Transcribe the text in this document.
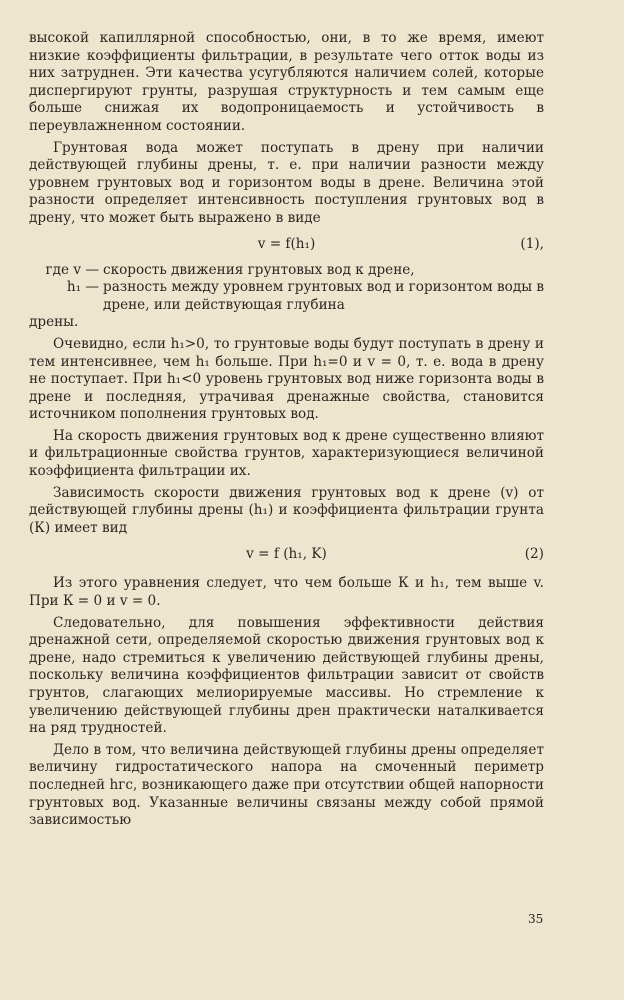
высокой капиллярной способностью, они, в то же время, имеют низкие коэффициенты фильтрации, в результате чего отток воды из них затруднен. Эти качества усугубляются наличием солей, которые диспергируют грунты, разрушая структурность и тем самым еще больше снижая их водопроницаемость и устойчивость в переувлажненном состоянии.

Грунтовая вода может поступать в дрену при наличии действующей глубины дрены, т. е. при наличии разности между уровнем грунтовых вод и горизонтом воды в дрене. Величина этой разности определяет интенсивность поступления грунтовых вод в дрену, что может быть выражено в виде

v = f(h₁)	(1),
где v — скорость движения грунтовых вод к дрене,
h₁ — разность между уровнем грунтовых вод и горизонтом воды в дрене, или действующая глубина

дрены.

Очевидно, если h₁>0, то грунтовые воды будут поступать в дрену и тем интенсивнее, чем h₁ больше. При h₁=0 и v = 0, т. е. вода в дрену не поступает. При h₁<0 уровень грунтовых вод ниже горизонта воды в дрене и последняя, утрачивая дренажные свойства, становится источником пополнения грунтовых вод.

На скорость движения грунтовых вод к дрене существенно влияют и фильтрационные свойства грунтов, характеризующиеся величиной коэффициента фильтрации их.

Зависимость скорости движения грунтовых вод к дрене (v) от действующей глубины дрены (h₁) и коэффициента фильтрации грунта (К) имеет вид

v = f (h₁, K)	(2)

Из этого уравнения следует, что чем больше К и h₁, тем выше v. При К = 0 и v = 0.

Следовательно, для повышения эффективности действия дренажной сети, определяемой скоростью движения грунтовых вод к дрене, надо стремиться к увеличению действующей глубины дрены, поскольку величина коэффициентов фильтрации зависит от свойств грунтов, слагающих мелиорируемые массивы. Но стремление к увеличению действующей глубины дрен практически наталкивается на ряд трудностей.

Дело в том, что величина действующей глубины дрены определяет величину гидростатического напора на смоченный периметр последней hгс, возникающего даже при отсутствии общей напорности грунтовых вод. Указанные величины связаны между собой прямой зависимостью

35
